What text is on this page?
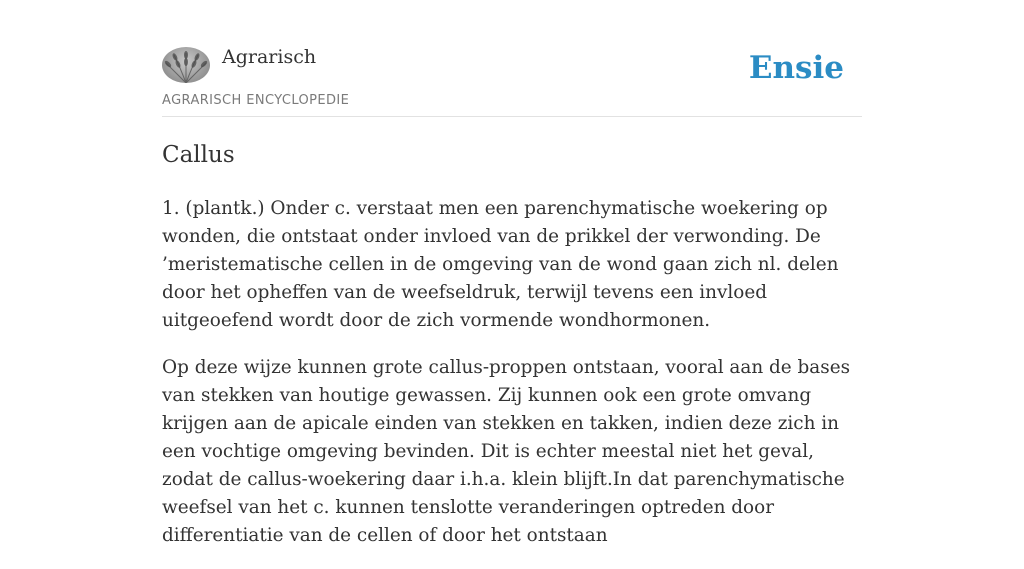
Agrarisch
AGRARISCH ENCYCLOPEDIE
Ensie
Callus

1. (plantk.) Onder c. verstaat men een parenchymatische woekering op wonden, die ontstaat onder invloed van de prikkel der verwonding. De ’meristematische cellen in de omgeving van de wond gaan zich nl. delen door het opheffen van de weefseldruk, terwijl tevens een invloed uitgeoefend wordt door de zich vormende wondhormonen.

Op deze wijze kunnen grote callus-proppen ontstaan, vooral aan de bases van stekken van houtige gewassen. Zij kunnen ook een grote omvang krijgen aan de apicale einden van stekken en takken, indien deze zich in een vochtige omgeving bevinden. Dit is echter meestal niet het geval, zodat de callus-woekering daar i.h.a. klein blijft.In dat parenchymatische weefsel van het c. kunnen tenslotte veranderingen optreden door differentiatie van de cellen of door het ontstaan
